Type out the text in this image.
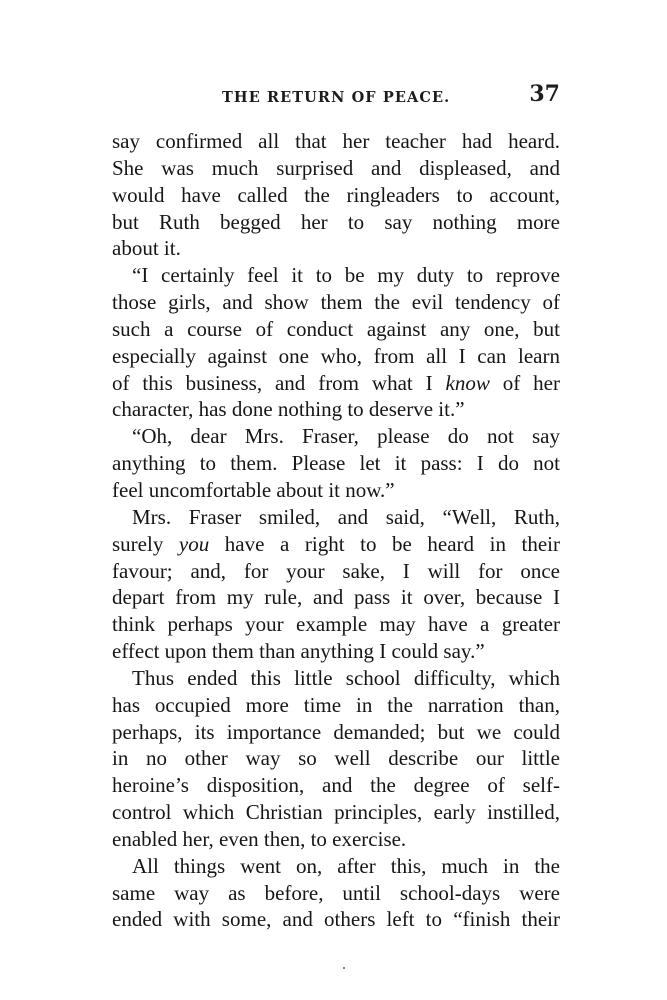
THE RETURN OF PEACE.	37
say confirmed all that her teacher had heard.
She was much surprised and displeased, and
would have called the ringleaders to account,
but Ruth begged her to say nothing more
about it.
“I certainly feel it to be my duty to reprove
those girls, and show them the evil tendency of
such a course of conduct against any one, but
especially against one who, from all I can learn
of this business, and from what I know of her
character, has done nothing to deserve it.”
“Oh, dear Mrs. Fraser, please do not say
anything to them. Please let it pass: I do not
feel uncomfortable about it now.”
Mrs. Fraser smiled, and said, “Well, Ruth,
surely you have a right to be heard in their
favour; and, for your sake, I will for once
depart from my rule, and pass it over, because I
think perhaps your example may have a greater
effect upon them than anything I could say.”
Thus ended this little school difficulty, which
has occupied more time in the narration than,
perhaps, its importance demanded; but we could
in no other way so well describe our little
heroine’s disposition, and the degree of self-
control which Christian principles, early instilled,
enabled her, even then, to exercise.
All things went on, after this, much in the
same way as before, until school-days were
ended with some, and others left to “finish their
